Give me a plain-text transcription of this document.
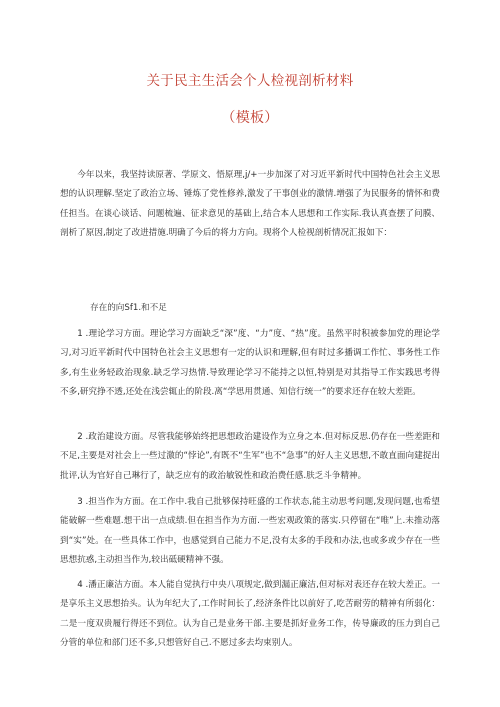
关于民主生活会个人检视剖析材料
（模板）

今年以来，我坚持读原著、学原文、悟原理,j/+一步加深了对习近平新时代中国特色社会主义思想的认识理解.坚定了政治立场、锤炼了党性修养,激发了干事创业的激情.增强了为民服务的情怀和费任担当。在谈心谈话、问题梳遍、征求意见的基础上,结合本人思想和工作实际.我认真查摆了问膜、剖析了原因,制定了改进措施.明确了今后的将力方向。现将个人检视剖析情况汇报如下：

存在的向Sf1.和不足

1 .理论学习方面。理论学习方面缺乏“深”度、“力”度、“热”度。虽然平时积被参加党的理论学习,对习近平新时代中国特色社会主义思想有一定的认识和理解,但有时过多播调工作忙、事务性工作多,有生业务轻政治现象.缺乏学习热情.导致理论学习不能持之以恒,特别是对其指导工作实践思考得不多,研究挣不透,还处在浅尝辄止的阶段.离“学思用贯通、知信行统一”的要求还存在较大差距。

2 .政治建设方面。尽管我能够始终把思想政治建设作为立身之本.但对标反思.仍存在一些差距和不足,主要是对社会上一些过激的“悖论”,有既不“生军”也不“急事”的好人主义思想,不敢直面向建捉出批评,认为官好自己琳行了，缺乏应有的政治敏锐性和政治费任感.肤乏斗争精神。

3 .担当作为方面。在工作中.我自己批够保持旺盛的工作状态,能主动思考问题,发现问题,也希望能破解一些难题.想干出一点成绩.但在担当作为方面.一些宏观政策的落实.只停留在“唯”上.未推动落到“实”处。在一些具体工作中，也感觉到自己能力不足,没有太多的手段和办法,也或多或少存在一些思想抗惑,主动担当作为,较出砥硬精神不强。

4 .潘正廉洁方面。本人能自觉执行中央八项规定,做到漏正廉洁,但对标对表还存在较大差正。一是享乐主义思想抬头。认为年纪大了,工作时间长了,经济条件比以前好了,吃苦耐劳的精神有所弱化：二是一度双贵履行得还不到位。认为自己是业务干部.主要是抓好业务工作，传导廉政的压力到自己分管的单位和部门还不多,只想管好自己.不愿过多去均束别人。
